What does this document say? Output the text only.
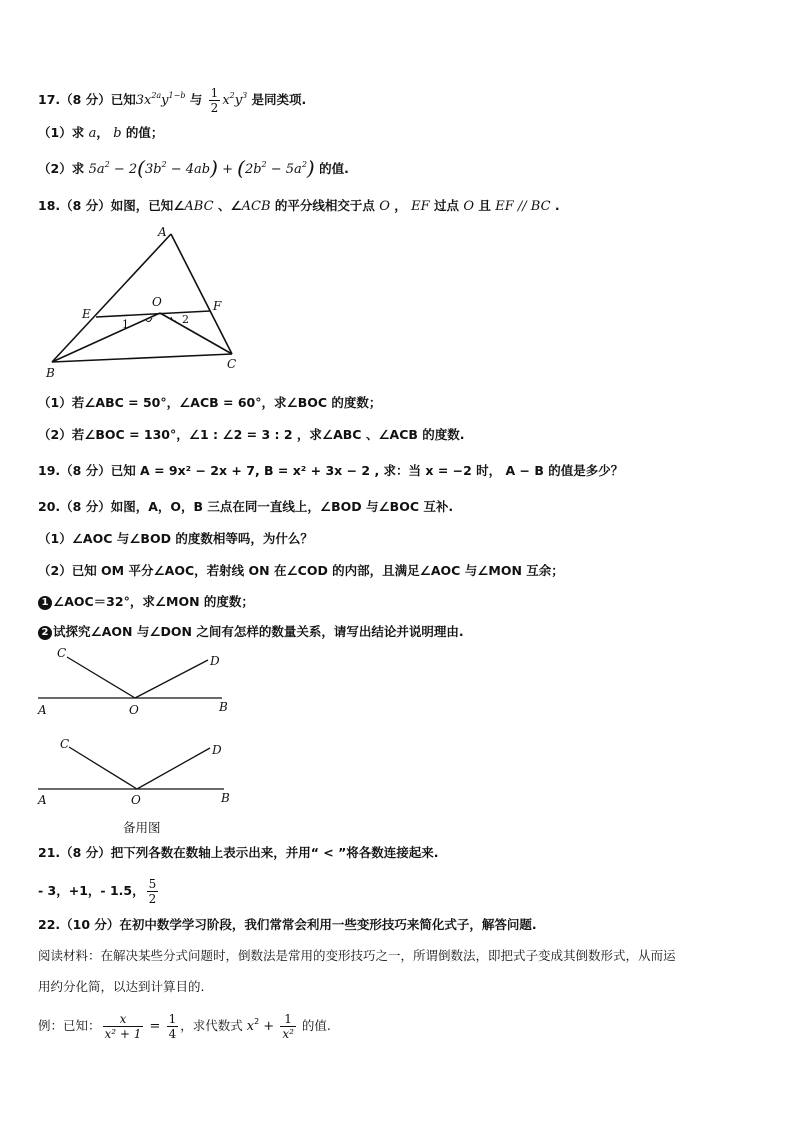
17.（8 分）已知$3x^{2a}y^{1-b}$ 与 $\frac{1}{2} x^2y^3$ 是同类项.
（1）求 a， b 的值；
（2）求 $5a^2 - 2(3b^2 - 4ab) + (2b^2 - 5a^2)$ 的值.
18.（8 分）如图，已知∠ABC 、∠ACB 的平分线相交于点 O ， EF 过点 O 且 EF // BC .
A
B
C
E
F
O
1	2
（1）若∠ABC = 50°，∠ACB = 60°，求∠BOC 的度数；
（2）若∠BOC = 130°，∠1 : ∠2 = 3 : 2 ，求∠ABC 、∠ACB 的度数.
19.（8 分）已知 A = 9x² − 2x + 7, B = x² + 3x − 2 , 求：当 x = −2 时， A − B 的值是多少？
20.（8 分）如图，A，O，B 三点在同一直线上，∠BOD 与∠BOC 互补.
（1）∠AOC 与∠BOD 的度数相等吗，为什么？
（2）已知 OM 平分∠AOC，若射线 ON 在∠COD 的内部，且满足∠AOC 与∠MON 互余；
1 ∠AOC＝32°，求∠MON 的度数；
2 试探究∠AON 与∠DON 之间有怎样的数量关系，请写出结论并说明理由.
A	O	B
C
D
A	O	B
C	D
备用图
21.（8 分）把下列各数在数轴上表示出来，并用“ < ”将各数连接起来.
- 3，+1，- 1.5， $\frac{5}{2}$
22.（10 分）在初中数学学习阶段，我们常常会利用一些变形技巧来简化式子，解答问题.
阅读材料：在解决某些分式问题时，倒数法是常用的变形技巧之一，所谓倒数法，即把式子变成其倒数形式，从而运
用约分化简，以达到计算目的.
例：已知： $\frac{x}{\text{x² + 1}} = \frac{1}{4}$ ，求代数式 $x^2 + \frac{1}{\text{x²}}$ 的值.
